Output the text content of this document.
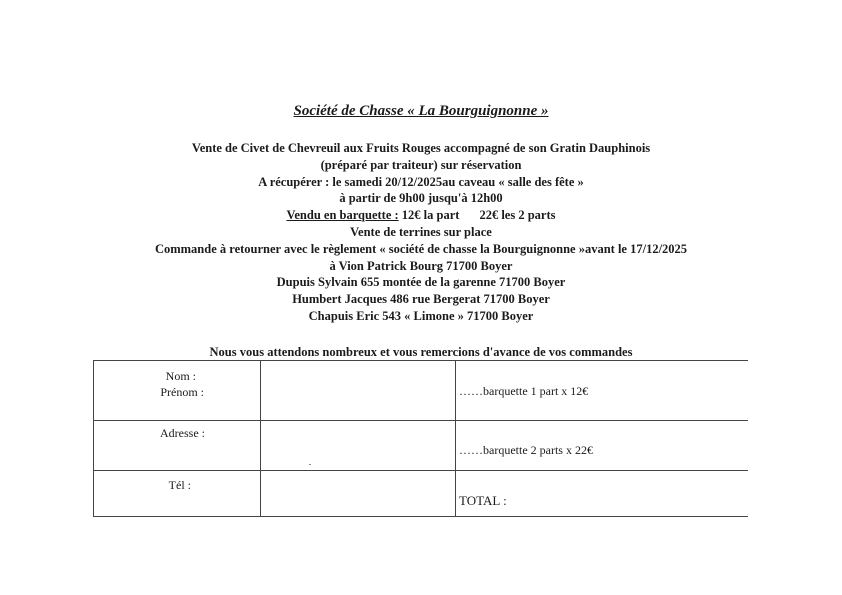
Société de Chasse « La Bourguignonne »
Vente de Civet de Chevreuil aux Fruits Rouges accompagné de son Gratin Dauphinois
(préparé par traiteur) sur réservation
A récupérer : le samedi 20/12/2025au caveau « salle des fête »
à partir de 9h00 jusqu'à 12h00
Vendu en barquette : 12€ la part 22€ les 2 parts
Vente de terrines sur place
Commande à retourner avec le règlement « société de chasse la Bourguignonne »avant le 17/12/2025
à Vion Patrick Bourg 71700 Boyer
Dupuis Sylvain 655 montée de la garenne 71700 Boyer
Humbert Jacques 486 rue Bergerat 71700 Boyer
Chapuis Eric 543 « Limone » 71700 Boyer
Nous vous attendons nombreux et vous remercions d'avance de vos commandes
Nom :
Prénom :
Adresse :
Tél :
……barquette 1 part x 12€
……barquette 2 parts x 22€
TOTAL :
